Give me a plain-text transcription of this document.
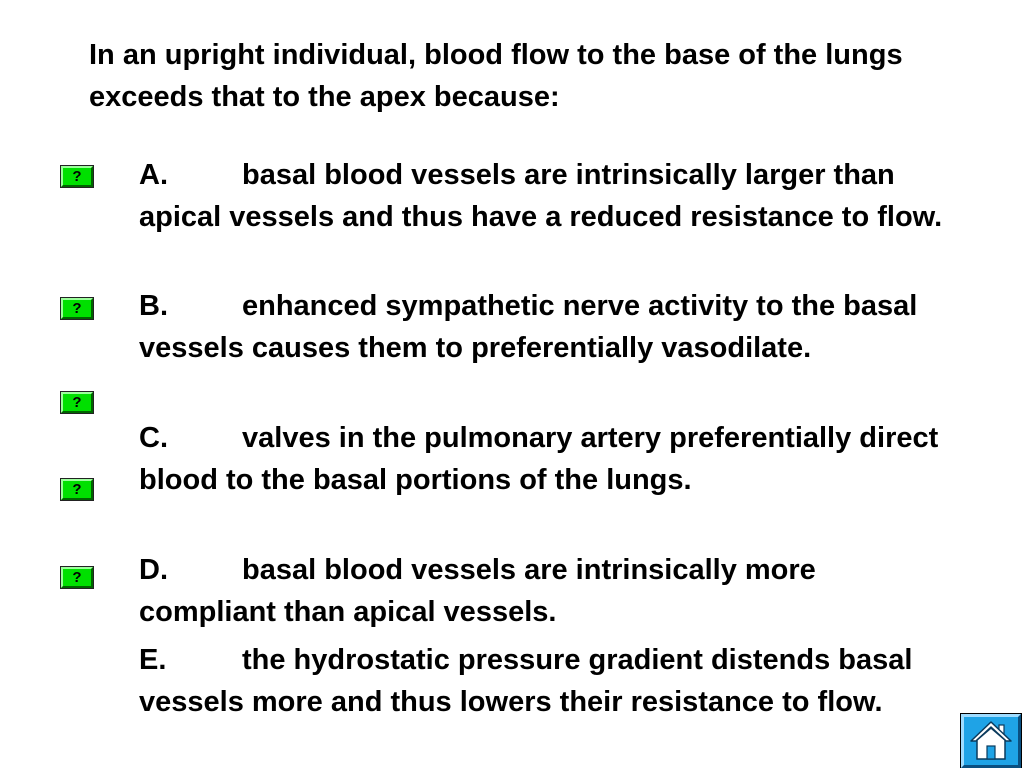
In an upright individual, blood flow to the base of the lungs exceeds that to the apex because:

A.	basal blood vessels are intrinsically larger than apical vessels and thus have a reduced resistance to flow.

B.	enhanced sympathetic nerve activity to the basal vessels causes them to preferentially vasodilate.

C.	valves in the pulmonary artery preferentially direct blood to the basal portions of the lungs.

D.	basal blood vessels are intrinsically more compliant than apical vessels.

E.	the hydrostatic pressure gradient distends basal vessels more and thus lowers their resistance to flow.

?
?
?
?
?
